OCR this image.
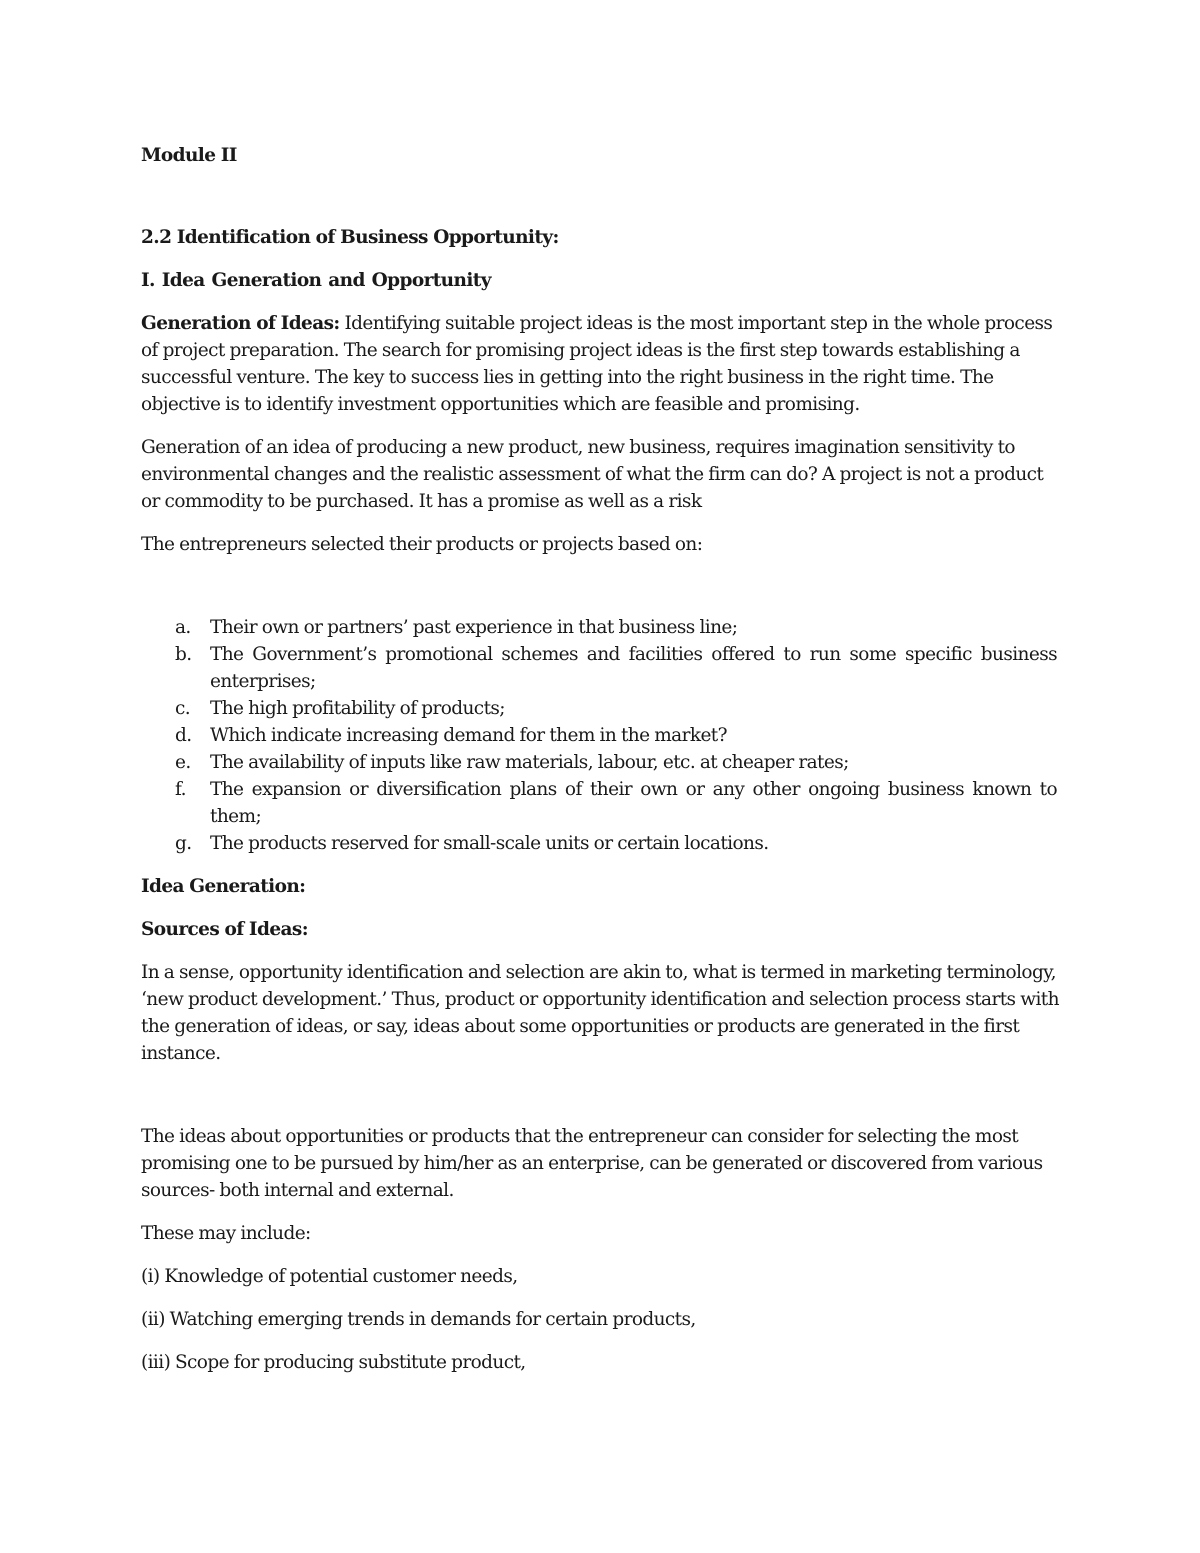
Module II

2.2 Identification of Business Opportunity:

I. Idea Generation and Opportunity

Generation of Ideas: Identifying suitable project ideas is the most important step in the whole process of project preparation. The search for promising project ideas is the first step towards establishing a successful venture. The key to success lies in getting into the right business in the right time. The objective is to identify investment opportunities which are feasible and promising.

Generation of an idea of producing a new product, new business, requires imagination sensitivity to environmental changes and the realistic assessment of what the firm can do? A project is not a product or commodity to be purchased. It has a promise as well as a risk

The entrepreneurs selected their products or projects based on:

a. Their own or partners’ past experience in that business line;
b. The Government’s promotional schemes and facilities offered to run some specific business enterprises;
c. The high profitability of products;
d. Which indicate increasing demand for them in the market?
e. The availability of inputs like raw materials, labour, etc. at cheaper rates;
f. The expansion or diversification plans of their own or any other ongoing business known to them;
g. The products reserved for small-scale units or certain locations.

Idea Generation:

Sources of Ideas:

In a sense, opportunity identification and selection are akin to, what is termed in marketing terminology, ‘new product development.’ Thus, product or opportunity identification and selection process starts with the generation of ideas, or say, ideas about some opportunities or products are generated in the first instance.

The ideas about opportunities or products that the entrepreneur can consider for selecting the most promising one to be pursued by him/her as an enterprise, can be generated or discovered from various sources- both internal and external.

These may include:

(i) Knowledge of potential customer needs,

(ii) Watching emerging trends in demands for certain products,

(iii) Scope for producing substitute product,
